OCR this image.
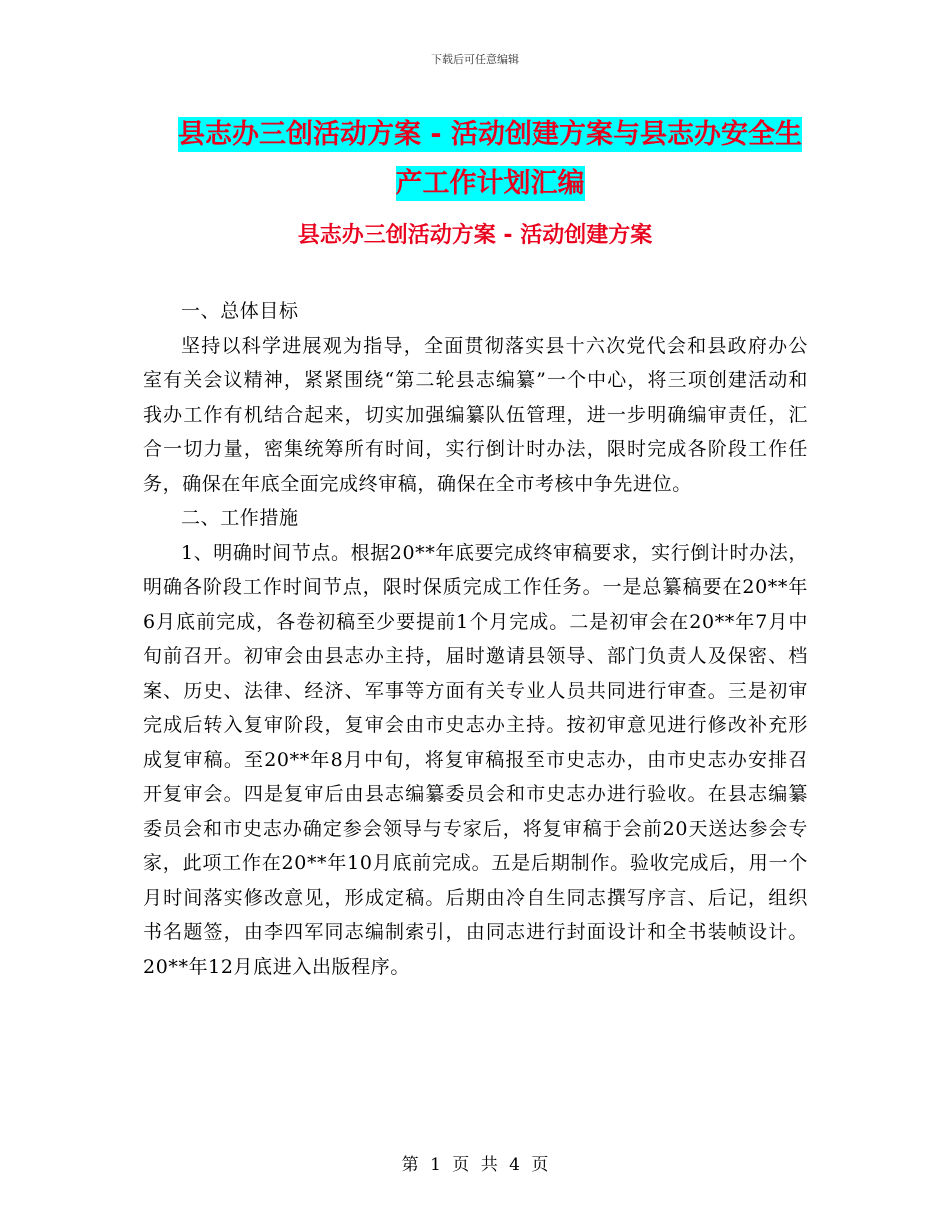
下载后可任意编辑
县志办三创活动方案 - 活动创建方案与县志办安全生
产工作计划汇编
县志办三创活动方案 - 活动创建方案

一、总体目标

坚持以科学进展观为指导，全面贯彻落实县十六次党代会和县政府办公室有关会议精神，紧紧围绕“第二轮县志编纂”一个中心，将三项创建活动和我办工作有机结合起来，切实加强编纂队伍管理，进一步明确编审责任，汇合一切力量，密集统筹所有时间，实行倒计时办法，限时完成各阶段工作任务，确保在年底全面完成终审稿，确保在全市考核中争先进位。

二、工作措施

1、明确时间节点。根据20**年底要完成终审稿要求，实行倒计时办法，明确各阶段工作时间节点，限时保质完成工作任务。一是总纂稿要在20**年6月底前完成，各卷初稿至少要提前1个月完成。二是初审会在20**年7月中旬前召开。初审会由县志办主持，届时邀请县领导、部门负责人及保密、档案、历史、法律、经济、军事等方面有关专业人员共同进行审查。三是初审完成后转入复审阶段，复审会由市史志办主持。按初审意见进行修改补充形成复审稿。至20**年8月中旬，将复审稿报至市史志办，由市史志办安排召开复审会。四是复审后由县志编纂委员会和市史志办进行验收。在县志编纂委员会和市史志办确定参会领导与专家后，将复审稿于会前20天送达参会专家，此项工作在20**年10月底前完成。五是后期制作。验收完成后，用一个月时间落实修改意见，形成定稿。后期由冷自生同志撰写序言、后记，组织书名题签，由李四军同志编制索引，由同志进行封面设计和全书装帧设计。20**年12月底进入出版程序。

第 1 页 共 4 页
